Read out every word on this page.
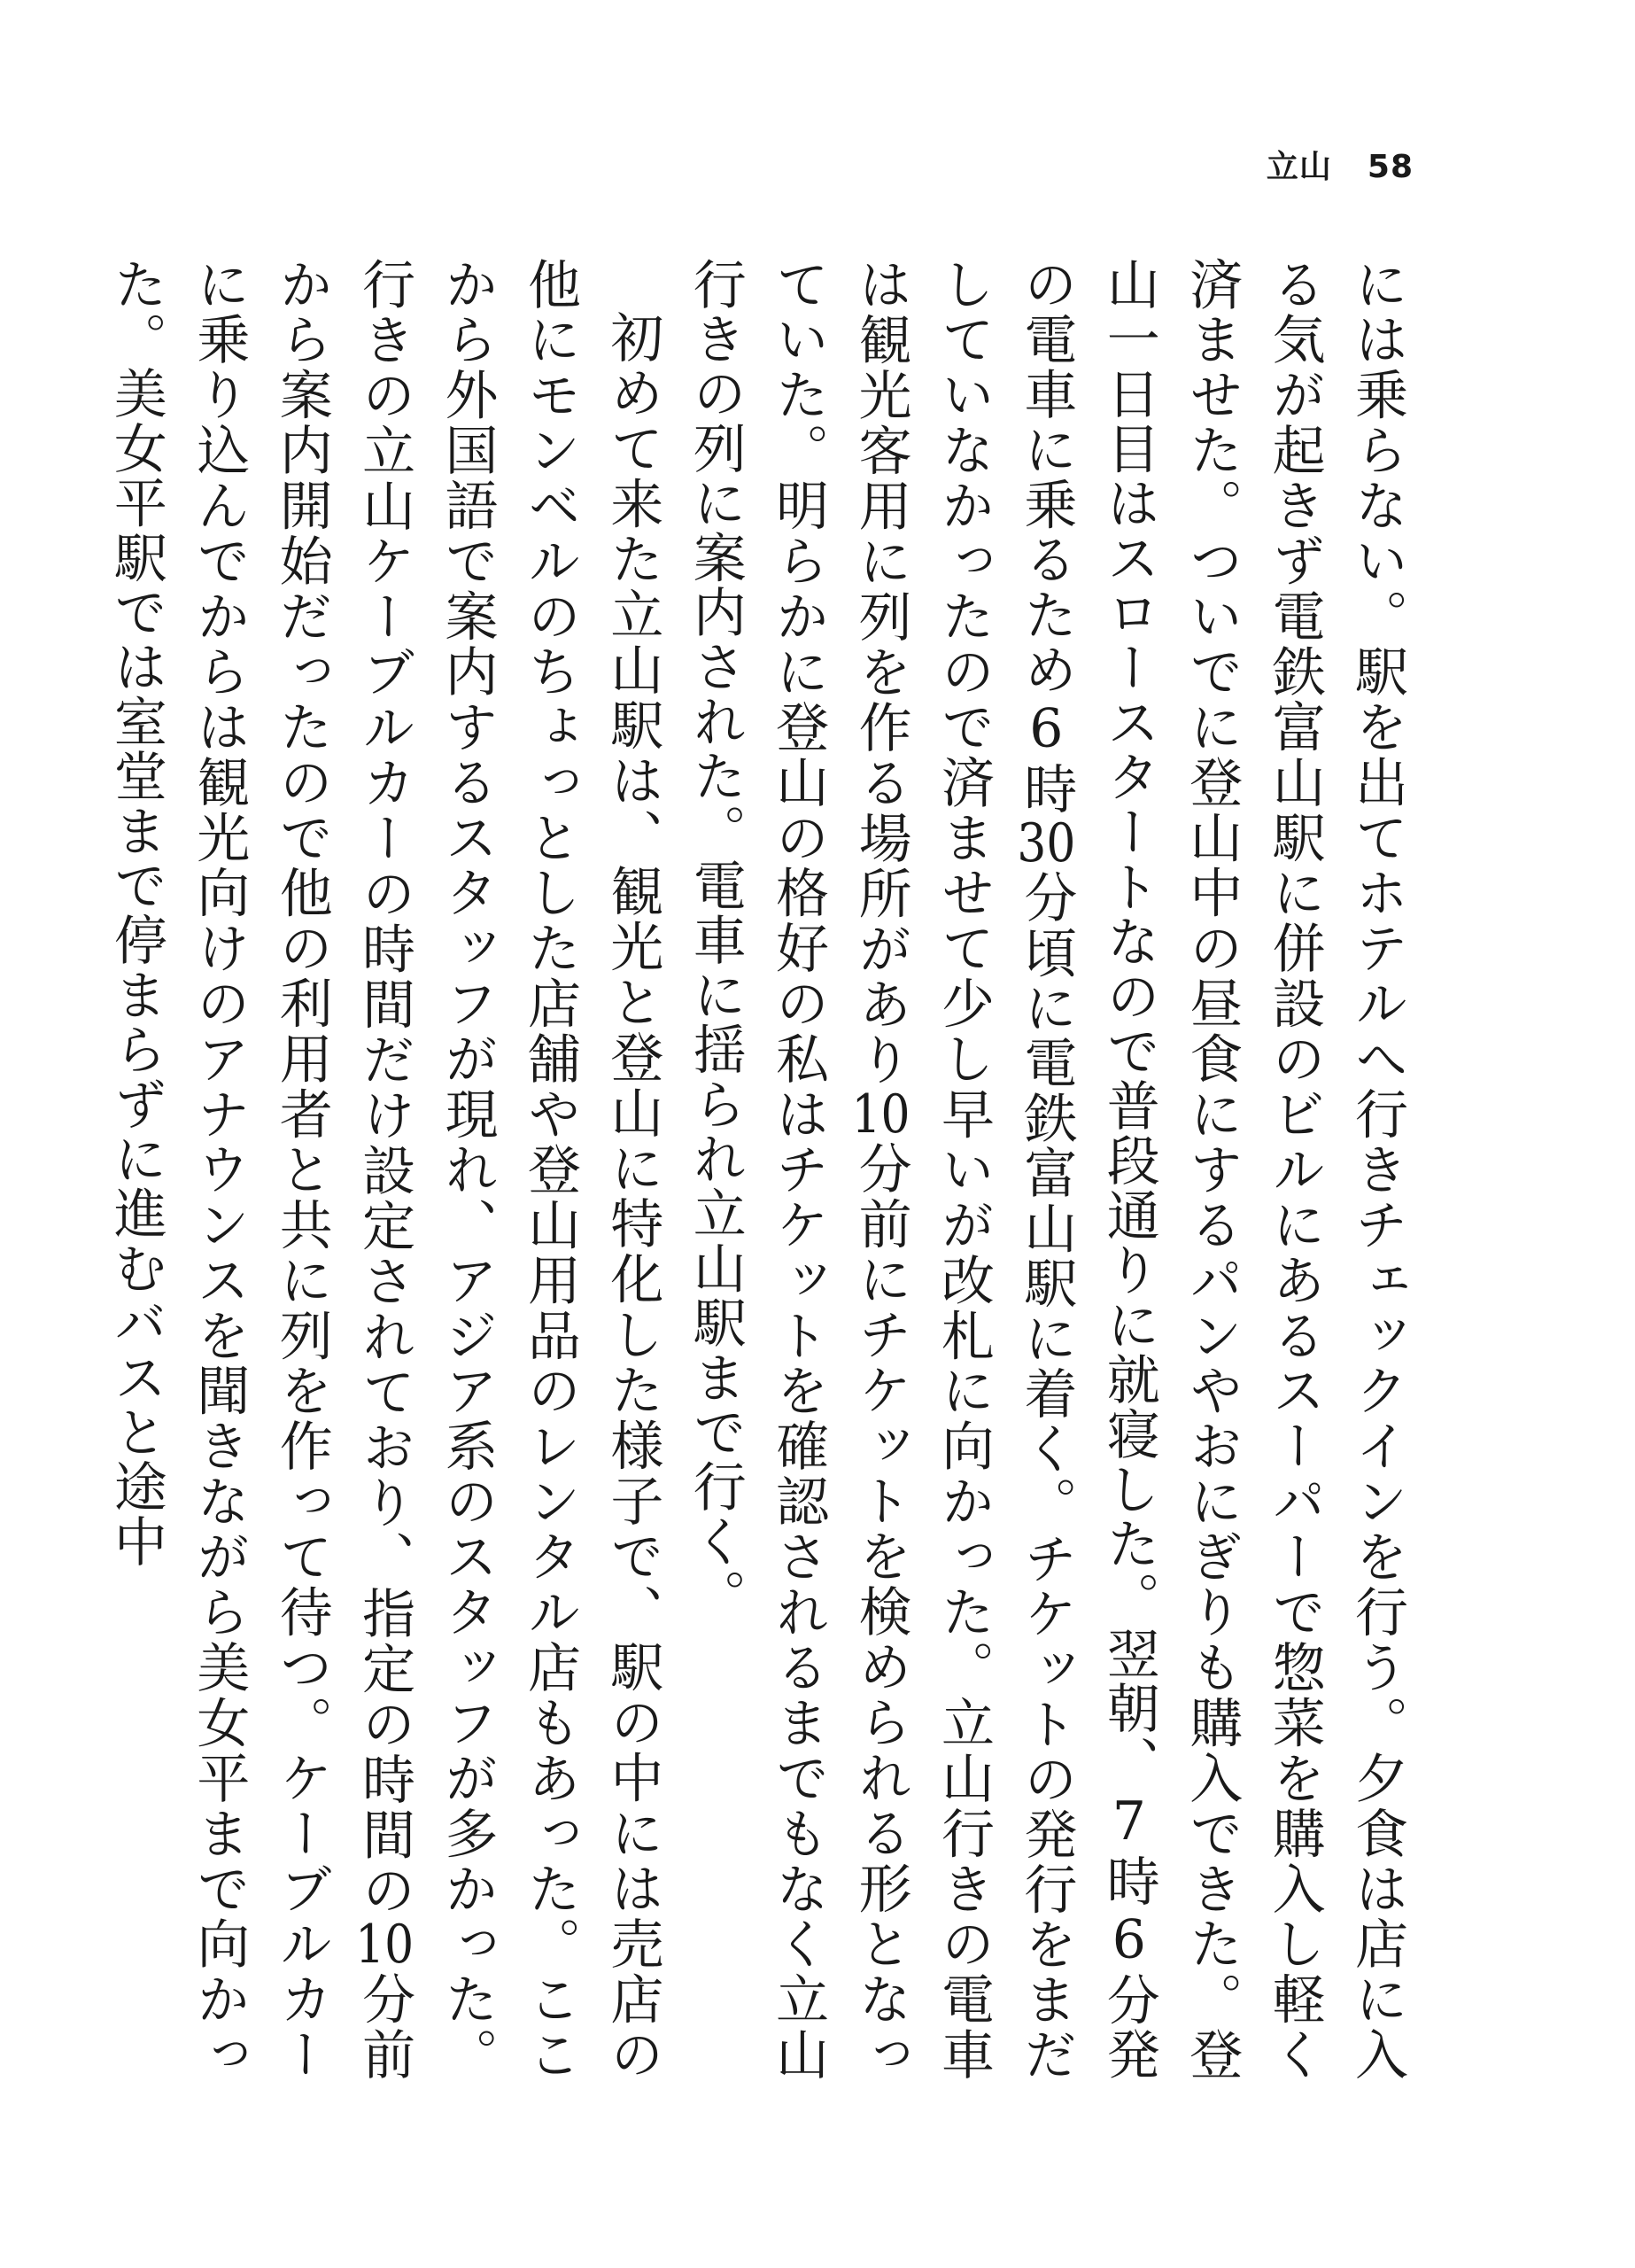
立山 58

には乗らない。駅を出てホテルへ行きチェックインを行う。夕食は店に入る気が起きず電鉄富山駅に併設のビルにあるスーパーで惣菜を購入し軽く済ませた。ついでに登山中の昼食にするパンやおにぎりも購入できた。登山一日目はスロースタートなので普段通りに就寝した。翌朝、7時6分発の電車に乗るため6時30分頃に電鉄富山駅に着く。チケットの発行をまだしていなかったので済ませて少し早いが改札に向かった。立山行きの電車は観光客用に列を作る場所があり10分前にチケットを検められる形となっていた。明らかに登山の格好の私はチケットを確認されるまでもなく立山行きの列に案内された。電車に揺られ立山駅まで行く。

初めて来た立山駅は、観光と登山に特化した様子で、駅の中には売店の他にモンベルのちょっとした店舗や登山用品のレンタル店もあった。ここから外国語で案内するスタッフが現れ、アジア系のスタッフが多かった。行きの立山ケーブルカーの時間だけ設定されており、指定の時間の10分前から案内開始だったので他の利用者と共に列を作って待つ。ケーブルカーに乗り込んでからは観光向けのアナウンスを聞きながら美女平まで向かった。美女平駅では室堂まで停まらずに進むバスと途中
